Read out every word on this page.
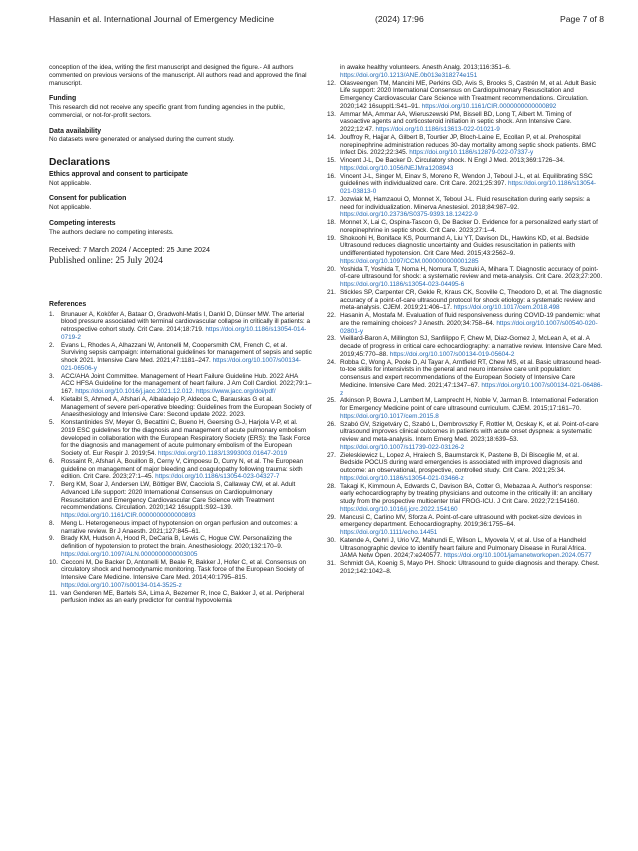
Hasanin et al. International Journal of Emergency Medicine	(2024) 17:96	Page 7 of 8

conception of the idea, writing the first manuscript and designed the figure.- All authors commented on previous versions of the manuscript. All authors read and approved the final manuscript.

Funding

This research did not receive any specific grant from funding agencies in the public, commercial, or not-for-profit sectors.

Data availability

No datasets were generated or analysed during the current study.

Declarations

Ethics approval and consent to participate

Not applicable.

Consent for publication

Not applicable.

Competing interests

The authors declare no competing interests.

Received: 7 March 2024 / Accepted: 25 June 2024

Published online: 25 July 2024

References

1.	Brunauer A, Koköfer A, Bataar O, Gradwohl-Matis I, Dankl D, Dünser MW. The arterial blood pressure associated with terminal cardiovascular collapse in critically ill patients: a retrospective cohort study. Crit Care. 2014;18:719. https://doi.org/10.1186/s13054-014-0719-2
2.	Evans L, Rhodes A, Alhazzani W, Antonelli M, Coopersmith CM, French C, et al. Surviving sepsis campaign: international guidelines for management of sepsis and septic shock 2021. Intensive Care Med. 2021;47:1181–247. https://doi.org/10.1007/s00134-021-06506-y
3.	ACC/AHA Joint Committee. Management of Heart Failure Guideline Hub. 2022 AHA ACC HFSA Guideline for the management of heart failure. J Am Coll Cardiol. 2022;79:1–167. https://doi.org/10.1016/j.jacc.2021.12.012. https://www.jacc.org/doi/pdf/
4.	Kietaibl S, Ahmed A, Afshari A, Albaladejo P, Aldecoa C, Barauskas G et al. Management of severe peri-operative bleeding: Guidelines from the European Society of Anaesthesiology and Intensive Care: Second update 2022. 2023.
5.	Konstantinides SV, Meyer G, Becattini C, Bueno H, Geersing G-J, Harjola V-P, et al. 2019 ESC guidelines for the diagnosis and management of acute pulmonary embolism developed in collaboration with the European Respiratory Society (ERS): the Task Force for the diagnosis and management of acute pulmonary embolism of the European Society of. Eur Respir J. 2019;54. https://doi.org/10.1183/13993003.01647-2019
6.	Rossaint R, Afshari A, Bouillon B, Cerny V, Cimpoesu D, Curry N, et al. The European guideline on management of major bleeding and coagulopathy following trauma: sixth edition. Crit Care. 2023;27:1–45. https://doi.org/10.1186/s13054-023-04327-7
7.	Berg KM, Soar J, Andersen LW, Böttiger BW, Cacciola S, Callaway CW, et al. Adult Advanced Life support: 2020 International Consensus on Cardiopulmonary Resuscitation and Emergency Cardiovascular Care Science with Treatment recommendations. Circulation. 2020;142 16suppl1:S92–139. https://doi.org/10.1161/CIR.0000000000000893
8.	Meng L. Heterogeneous impact of hypotension on organ perfusion and outcomes: a narrative review. Br J Anaesth. 2021;127:845–61.
9.	Brady KM, Hudson A, Hood R, DeCaria B, Lewis C, Hogue CW. Personalizing the definition of hypotension to protect the brain. Anesthesiology. 2020;132:170–9. https://doi.org/10.1097/ALN.0000000000003005
10. Cecconi M, De Backer D, Antonelli M, Beale R, Bakker J, Hofer C, et al. Consensus on circulatory shock and hemodynamic monitoring. Task force of the European Society of Intensive Care Medicine. Intensive Care Med. 2014;40:1795–815. https://doi.org/10.1007/s00134-014-3525-z
11. van Genderen ME, Bartels SA, Lima A, Bezemer R, Ince C, Bakker J, et al. Peripheral perfusion index as an early predictor for central hypovolemia
in awake healthy volunteers. Anesth Analg. 2013;116:351–6. https://doi.org/10.1213/ANE.0b013e318274e151
12. Olasveengen TM, Mancini ME, Perkins GD, Avis S, Brooks S, Castrén M, et al. Adult Basic Life support: 2020 International Consensus on Cardiopulmonary Resuscitation and Emergency Cardiovascular Care Science with Treatment recommendations. Circulation. 2020;142 16suppl1:S41–91. https://doi.org/10.1161/CIR.0000000000000892
13. Ammar MA, Ammar AA, Wieruszewski PM, Bissell BD, Long T, Albert M. Timing of vasoactive agents and corticosteroid initiation in septic shock. Ann Intensive Care. 2022;12:47. https://doi.org/10.1186/s13613-022-01021-9
14. Jouffroy R, Hajjar A, Gilbert B, Tourtier JP, Bloch-Laine E, Ecollan P, et al. Prehospital norepinephrine administration reduces 30-day mortality among septic shock patients. BMC Infect Dis. 2022;22:345. https://doi.org/10.1186/s12879-022-07337-y
15. Vincent J-L, De Backer D. Circulatory shock. N Engl J Med. 2013;369:1726–34. https://doi.org/10.1056/NEJMra1208943
16. Vincent J-L, Singer M, Einav S, Moreno R, Wendon J, Teboul J-L, et al. Equilibrating SSC guidelines with individualized care. Crit Care. 2021;25:397. https://doi.org/10.1186/s13054-021-03813-0
17. Jozwiak M, Hamzaoui O, Monnet X, Teboul J-L. Fluid resuscitation during early sepsis: a need for individualization. Minerva Anestesiol. 2018;84:987–92. https://doi.org/10.23736/S0375-9393.18.12422-9
18. Monnet X, Lai C, Ospina-Tascon G, De Backer D. Evidence for a personalized early start of norepinephrine in septic shock. Crit Care. 2023;27:1–4.
19. Shokoohi H, Boniface KS, Pourmand A, Liu YT, Davison DL, Hawkins KD, et al. Bedside Ultrasound reduces diagnostic uncertainty and Guides resuscitation in patients with undifferentiated hypotension. Crit Care Med. 2015;43:2562–9. https://doi.org/10.1097/CCM.0000000000001285
20. Yoshida T, Yoshida T, Noma H, Nomura T, Suzuki A, Mihara T. Diagnostic accuracy of point-of-care ultrasound for shock: a systematic review and meta-analysis. Crit Care. 2023;27:200. https://doi.org/10.1186/s13054-023-04495-6
21. Stickles SP, Carpenter CR, Gekle R, Kraus CK, Scoville C, Theodoro D, et al. The diagnostic accuracy of a point-of-care ultrasound protocol for shock etiology: a systematic review and meta-analysis. CJEM. 2019;21:406–17. https://doi.org/10.1017/cem.2018.498
22. Hasanin A, Mostafa M. Evaluation of fluid responsiveness during COVID-19 pandemic: what are the remaining choices? J Anesth. 2020;34:758–64. https://doi.org/10.1007/s00540-020-02801-y
23. Vieillard-Baron A, Millington SJ, Sanfilippo F, Chew M, Diaz-Gomez J, McLean A, et al. A decade of progress in critical care echocardiography: a narrative review. Intensive Care Med. 2019;45:770–88. https://doi.org/10.1007/s00134-019-05604-2
24. Robba C, Wong A, Poole D, Al Tayar A, Arntfield RT, Chew MS, et al. Basic ultrasound head-to-toe skills for intensivists in the general and neuro intensive care unit population: consensus and expert recommendations of the European Society of Intensive Care Medicine. Intensive Care Med. 2021;47:1347–67. https://doi.org/10.1007/s00134-021-06486-z
25. Atkinson P, Bowra J, Lambert M, Lamprecht H, Noble V, Jarman B. International Federation for Emergency Medicine point of care ultrasound curriculum. CJEM. 2015;17:161–70. https://doi.org/10.1017/cem.2015.8
26. Szabó GV, Szigetváry C, Szabó L, Dembrovszky F, Rottler M, Ocskay K, et al. Point-of-care ultrasound improves clinical outcomes in patients with acute onset dyspnea: a systematic review and meta-analysis. Intern Emerg Med. 2023;18:639–53. https://doi.org/10.1007/s11739-022-03126-2
27. Zieleskiewicz L, Lopez A, Hraiech S, Baumstarck K, Pastene B, Di Bisceglie M, et al. Bedside POCUS during ward emergencies is associated with improved diagnosis and outcome: an observational, prospective, controlled study. Crit Care. 2021;25:34. https://doi.org/10.1186/s13054-021-03466-z
28. Takagi K, Kimmoun A, Edwards C, Davison BA, Cotter G, Mebazaa A. Author's response: early echocardiography by treating physicians and outcome in the critically ill: an ancillary study from the prospective multicenter trial FROG-ICU. J Crit Care. 2022;72:154160. https://doi.org/10.1016/j.jcrc.2022.154160
29. Mancusi C, Carlino MV, Sforza A. Point-of-care ultrasound with pocket-size devices in emergency department. Echocardiography. 2019;36:1755–64. https://doi.org/10.1111/echo.14451
30. Katende A, Oehri J, Urio VZ, Mahundi E, Wilson L, Myovela V, et al. Use of a Handheld Ultrasonographic device to identify heart failure and Pulmonary Disease in Rural Africa. JAMA Netw Open. 2024;7:e240577. https://doi.org/10.1001/jamanetworkopen.2024.0577
31. Schmidt GA, Koenig S, Mayo PH. Shock: Ultrasound to guide diagnosis and therapy. Chest. 2012;142:1042–8.
